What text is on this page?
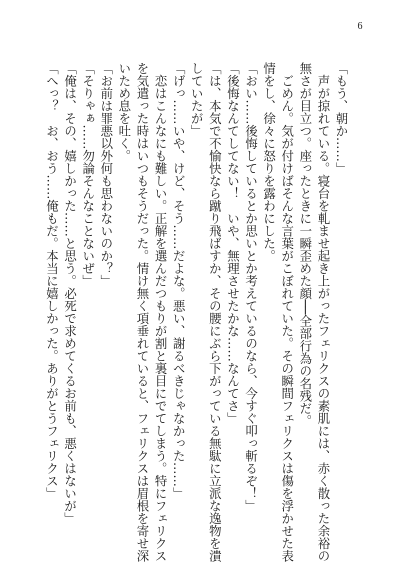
6

「もう、朝か……」

　声が掠れている。寝台を軋ませ起き上がったフェリクスの素肌には、赤く散った余裕の

無さが目立つ。座ったときに一瞬歪めた顔──全部行為の名残だ。

　ごめん。気が付けばそんな言葉がこぼれていた。その瞬間フェリクスは傷を浮かせた表

情をし、徐々に怒りを露わにした。

「おい……後悔しているとか思いとか考えているのなら、今すぐ叩っ斬るぞ！」

「後悔なんてしてない！　いや、無理させたかな……なんてさ」

「は、本気で不愉快なら蹴り飛ばすか、その腰にぶら下がっている無駄に立派な逸物を潰

していたが」

「げっ……いや、けど、そう……だよな。悪い、謝るべきじゃなかった……」

　恋はこんなにも難しい。正解を選んだつもりが割と裏目にでてしまう。特にフェリクス

を気遣った時はいつもそうだった。情け無く項垂れていると、フェリクスは眉根を寄せ深

いため息を吐く。

「お前は罪悪以外何も思わないのか？」

「そりゃぁ……勿論そんなことないぜ」

「俺は、その、嬉しかった……と思う。必死で求めてくるお前も、悪くはないが」

「へっ？　お、おう……俺もだ。本当に嬉しかった。ありがとうフェリクス」
